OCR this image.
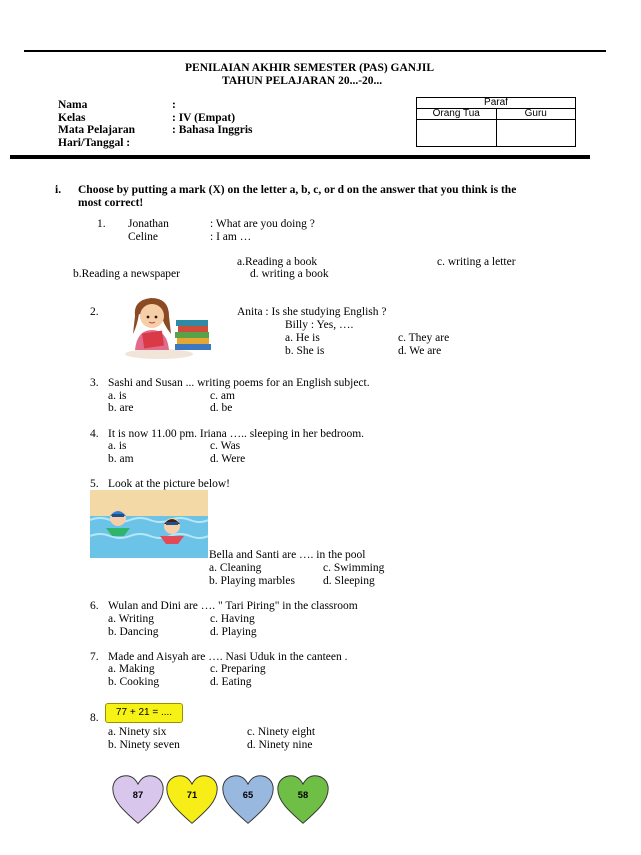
PENILAIAN AKHIR SEMESTER (PAS) GANJIL
TAHUN PELAJARAN 20...-20...
Nama	:
Kelas	: IV (Empat)
Mata Pelajaran	: Bahasa Inggris
Hari/Tanggal :
Paraf	
Orang Tua	Guru

i. Choose by putting a mark (X) on the letter a, b, c, or d on the answer that you think is the
most correct!
1. Jonathan	: What are you doing ?
Celine	: I am …
a.Reading a book	c. writing a letter
b.Reading a newspaper	d. writing a book
2.	Anita : Is she studying English ?
Billy : Yes, ….
a. He is	c. They are
b. She is	d. We are
3. Sashi and Susan ... writing poems for an English subject.
a. is	c. am
b. are	d. be
4. It is now 11.00 pm. Iriana ….. sleeping in her bedroom.
a. is	c. Was
b. am	d. Were
5. Look at the picture below!
Bella and Santi are …. in the pool
a. Cleaning	c. Swimming
b. Playing marbles d. Sleeping
6. Wulan and Dini are …. " Tari Piring" in the classroom
a. Writing	c. Having
b. Dancing	d. Playing
7. Made and Aisyah are …. Nasi Uduk in the canteen .
a. Making	c. Preparing
b. Cooking	d. Eating
8.	77 + 21 = ....
a. Ninety six	c. Ninety eight
b. Ninety seven	d. Ninety nine
87	71	65	58
